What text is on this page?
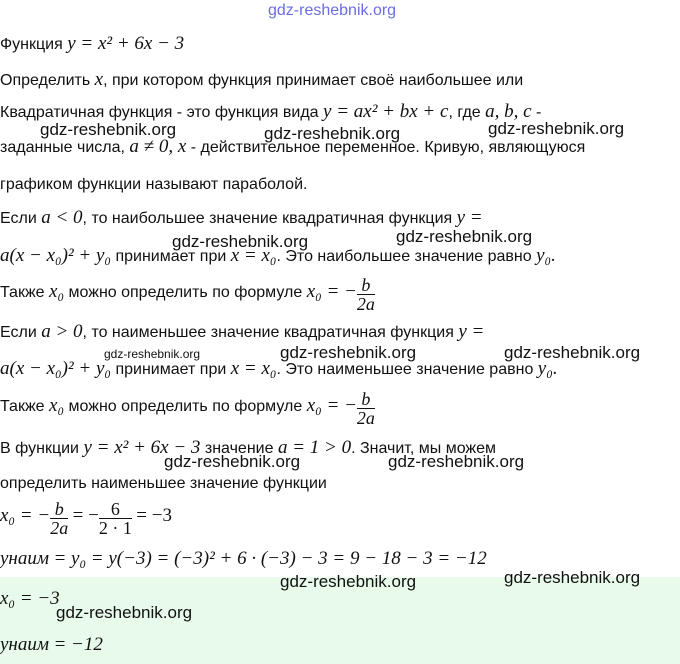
gdz-reshebnik.org
Функция y = x² + 6x − 3
Определить x, при котором функция принимает своё наибольшее или
Квадратичная функция - это функция вида y = ax² + bx + c, где a, b, c -
gdz-reshebnik.org	gdz-reshebnik.org	gdz-reshebnik.org
заданные числа, a ≠ 0, x - действительное переменное. Кривую, являющуюся
графиком функции называют параболой.
Если a < 0, то наибольшее значение квадратичная функция y =
gdz-reshebnik.org	gdz-reshebnik.org
a(x − x₀)² + y₀ принимает при x = x₀. Это наибольшее значение равно y₀.
Также x₀ можно определить по формуле x₀ = − $\frac{b}{2a}$
Если a > 0, то наименьшее значение квадратичная функция y =
gdz-reshebnik.org	gdz-reshebnik.org	gdz-reshebnik.org
a(x − x₀)² + y₀ принимает при x = x₀. Это наименьшее значение равно y₀.
Также x₀ можно определить по формуле x₀ = − $\frac{b}{2a}$
В функции y = x² + 6x − 3 значение a = 1 > 0. Значит, мы можем
gdz-reshebnik.org	gdz-reshebnik.org
определить наименьшее значение функции
x₀ = − $\frac{b}{2a}$ = − $\frac{6}{2 \cdot 1} = -3$
yнаим = y₀ = y(−3) = (−3)² + 6 · (−3) − 3 = 9 − 18 − 3 = −12
gdz-reshebnik.org	gdz-reshebnik.org
x₀ = −3
gdz-reshebnik.org
yнаим = −12
